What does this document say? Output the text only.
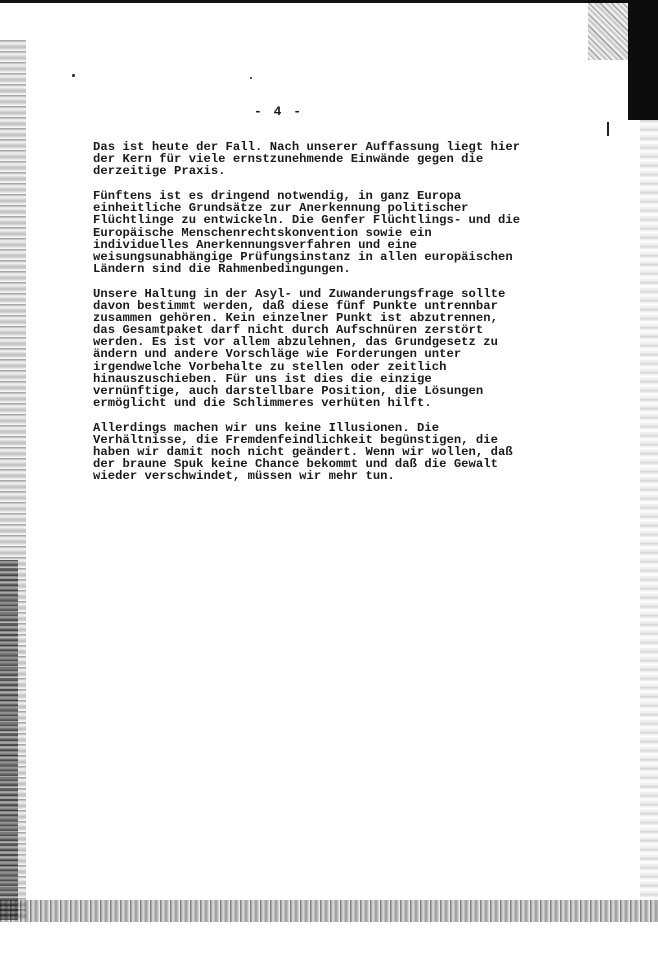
- 4 -
Das ist heute der Fall. Nach unserer Auffassung liegt hier
der Kern für viele ernstzunehmende Einwände gegen die
derzeitige Praxis.
Fünftens ist es dringend notwendig, in ganz Europa
einheitliche Grundsätze zur Anerkennung politischer
Flüchtlinge zu entwickeln. Die Genfer Flüchtlings- und die
Europäische Menschenrechtskonvention sowie ein
individuelles Anerkennungsverfahren und eine
weisungsunabhängige Prüfungsinstanz in allen europäischen
Ländern sind die Rahmenbedingungen.
Unsere Haltung in der Asyl- und Zuwanderungsfrage sollte
davon bestimmt werden, daß diese fünf Punkte untrennbar
zusammen gehören. Kein einzelner Punkt ist abzutrennen,
das Gesamtpaket darf nicht durch Aufschnüren zerstört
werden. Es ist vor allem abzulehnen, das Grundgesetz zu
ändern und andere Vorschläge wie Forderungen unter
irgendwelche Vorbehalte zu stellen oder zeitlich
hinauszuschieben. Für uns ist dies die einzige
vernünftige, auch darstellbare Position, die Lösungen
ermöglicht und die Schlimmeres verhüten hilft.
Allerdings machen wir uns keine Illusionen. Die
Verhältnisse, die Fremdenfeindlichkeit begünstigen, die
haben wir damit noch nicht geändert. Wenn wir wollen, daß
der braune Spuk keine Chance bekommt und daß die Gewalt
wieder verschwindet, müssen wir mehr tun.
